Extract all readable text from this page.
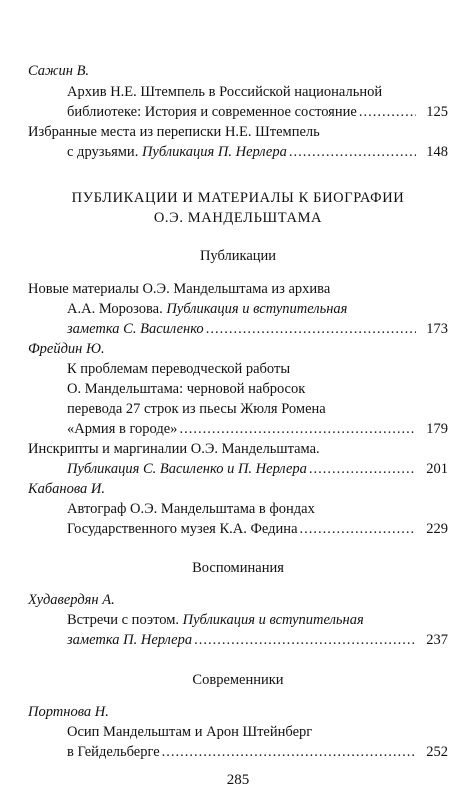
Сажин В.
Архив Н.Е. Штемпель в Российской национальной
библиотеке: История и современное состояние .....	125
Избранные места из переписки Н.Е. Штемпель
с друзьями. Публикация П. Нерлера .....	148
ПУБЛИКАЦИИ И МАТЕРИАЛЫ К БИОГРАФИИ
О.Э. МАНДЕЛЬШТАМА
Публикации
Новые материалы О.Э. Мандельштама из архива
А.А. Морозова. Публикация и вступительная
заметка С. Василенко .....	173
Фрейдин Ю.
К проблемам переводческой работы
О. Мандельштама: черновой набросок
перевода 27 строк из пьесы Жюля Ромена
«Армия в городе» .....	179
Инскрипты и маргиналии О.Э. Мандельштама.
Публикация С. Василенко и П. Нерлера .....	201
Кабанова И.
Автограф О.Э. Мандельштама в фондах
Государственного музея К.А. Федина .....	229
Воспоминания
Худавердян А.
Встречи с поэтом. Публикация и вступительная
заметка П. Нерлера .....	237
Современники
Портнова Н.
Осип Мандельштам и Арон Штейнберг
в Гейдельберге .....	252
285
